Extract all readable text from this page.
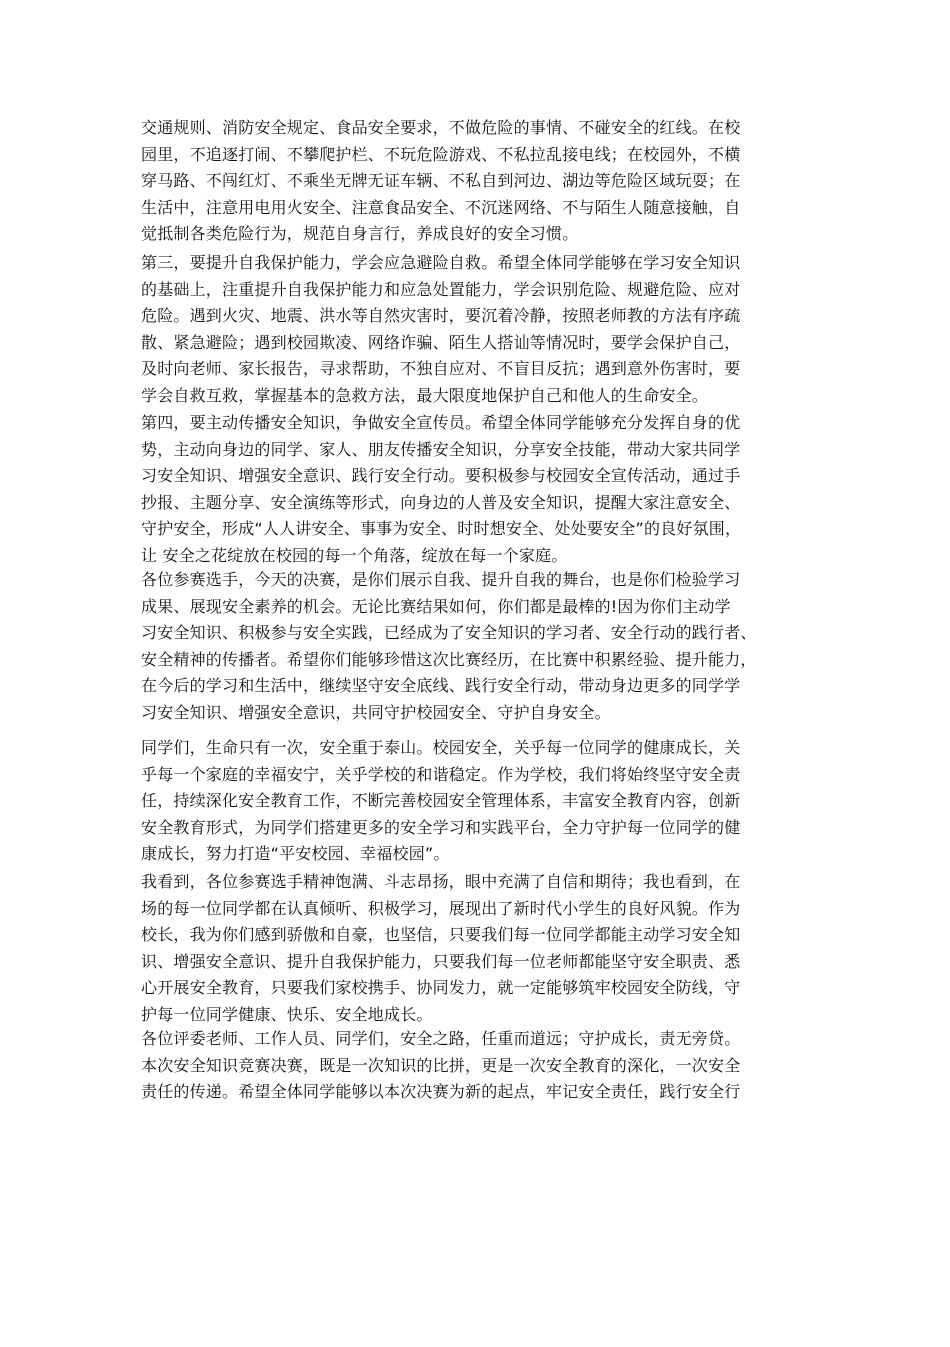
交通规则、消防安全规定、食品安全要求，不做危险的事情、不碰安全的红线。在校
园里，不追逐打闹、不攀爬护栏、不玩危险游戏、不私拉乱接电线；在校园外，不横
穿马路、不闯红灯、不乘坐无牌无证车辆、不私自到河边、湖边等危险区域玩耍；在
生活中，注意用电用火安全、注意食品安全、不沉迷网络、不与陌生人随意接触，自
觉抵制各类危险行为，规范自身言行，养成良好的安全习惯。

第三，要提升自我保护能力，学会应急避险自救。希望全体同学能够在学习安全知识
的基础上，注重提升自我保护能力和应急处置能力，学会识别危险、规避危险、应对
危险。遇到火灾、地震、洪水等自然灾害时，要沉着冷静，按照老师教的方法有序疏
散、紧急避险；遇到校园欺凌、网络诈骗、陌生人搭讪等情况时，要学会保护自己，
及时向老师、家长报告，寻求帮助，不独自应对、不盲目反抗；遇到意外伤害时，要
学会自救互救，掌握基本的急救方法，最大限度地保护自己和他人的生命安全。

第四，要主动传播安全知识，争做安全宣传员。希望全体同学能够充分发挥自身的优
势，主动向身边的同学、家人、朋友传播安全知识，分享安全技能，带动大家共同学
习安全知识、增强安全意识、践行安全行动。要积极参与校园安全宣传活动，通过手
抄报、主题分享、安全演练等形式，向身边的人普及安全知识，提醒大家注意安全、
守护安全，形成“人人讲安全、事事为安全、时时想安全、处处要安全”的良好氛围，
让 安全之花绽放在校园的每一个角落，绽放在每一个家庭。

各位参赛选手，今天的决赛，是你们展示自我、提升自我的舞台，也是你们检验学习
成果、展现安全素养的机会。无论比赛结果如何，你们都是最棒的!因为你们主动学
习安全知识、积极参与安全实践，已经成为了安全知识的学习者、安全行动的践行者、
安全精神的传播者。希望你们能够珍惜这次比赛经历，在比赛中积累经验、提升能力，
在今后的学习和生活中，继续坚守安全底线、践行安全行动，带动身边更多的同学学
习安全知识、增强安全意识，共同守护校园安全、守护自身安全。

同学们，生命只有一次，安全重于泰山。校园安全，关乎每一位同学的健康成长，关
乎每一个家庭的幸福安宁，关乎学校的和谐稳定。作为学校，我们将始终坚守安全责
任，持续深化安全教育工作，不断完善校园安全管理体系，丰富安全教育内容，创新
安全教育形式，为同学们搭建更多的安全学习和实践平台，全力守护每一位同学的健
康成长，努力打造“平安校园、幸福校园”。

我看到，各位参赛选手精神饱满、斗志昂扬，眼中充满了自信和期待；我也看到，在
场的每一位同学都在认真倾听、积极学习，展现出了新时代小学生的良好风貌。作为
校长，我为你们感到骄傲和自豪，也坚信，只要我们每一位同学都能主动学习安全知
识、增强安全意识、提升自我保护能力，只要我们每一位老师都能坚守安全职责、悉
心开展安全教育，只要我们家校携手、协同发力，就一定能够筑牢校园安全防线，守
护每一位同学健康、快乐、安全地成长。

各位评委老师、工作人员、同学们，安全之路，任重而道远；守护成长，责无旁贷。
本次安全知识竞赛决赛，既是一次知识的比拼，更是一次安全教育的深化，一次安全
责任的传递。希望全体同学能够以本次决赛为新的起点，牢记安全责任，践行安全行
